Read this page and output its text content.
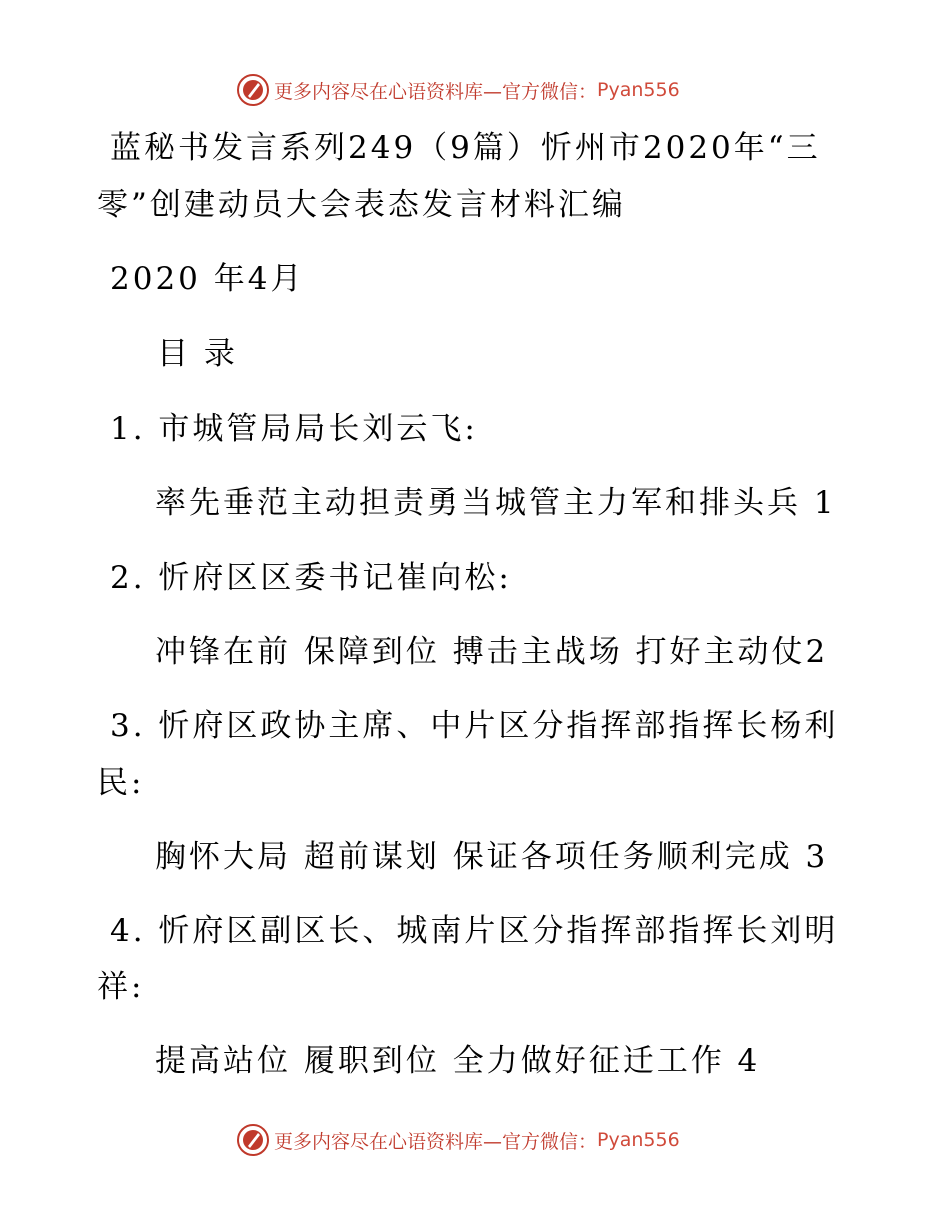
更多内容尽在心语资料库—官方微信： Pyan556
蓝秘书发言系列249（9篇）忻州市2020年“三
零”创建动员大会表态发言材料汇编
2020 年4月
目 录
1. 市城管局局长刘云飞:
率先垂范主动担责勇当城管主力军和排头兵 1
2. 忻府区区委书记崔向松:
冲锋在前 保障到位 搏击主战场 打好主动仗2
3. 忻府区政协主席、中片区分指挥部指挥长杨利
民:
胸怀大局 超前谋划 保证各项任务顺利完成 3
4. 忻府区副区长、城南片区分指挥部指挥长刘明
祥:
提高站位 履职到位 全力做好征迁工作 4
更多内容尽在心语资料库—官方微信： Pyan556
